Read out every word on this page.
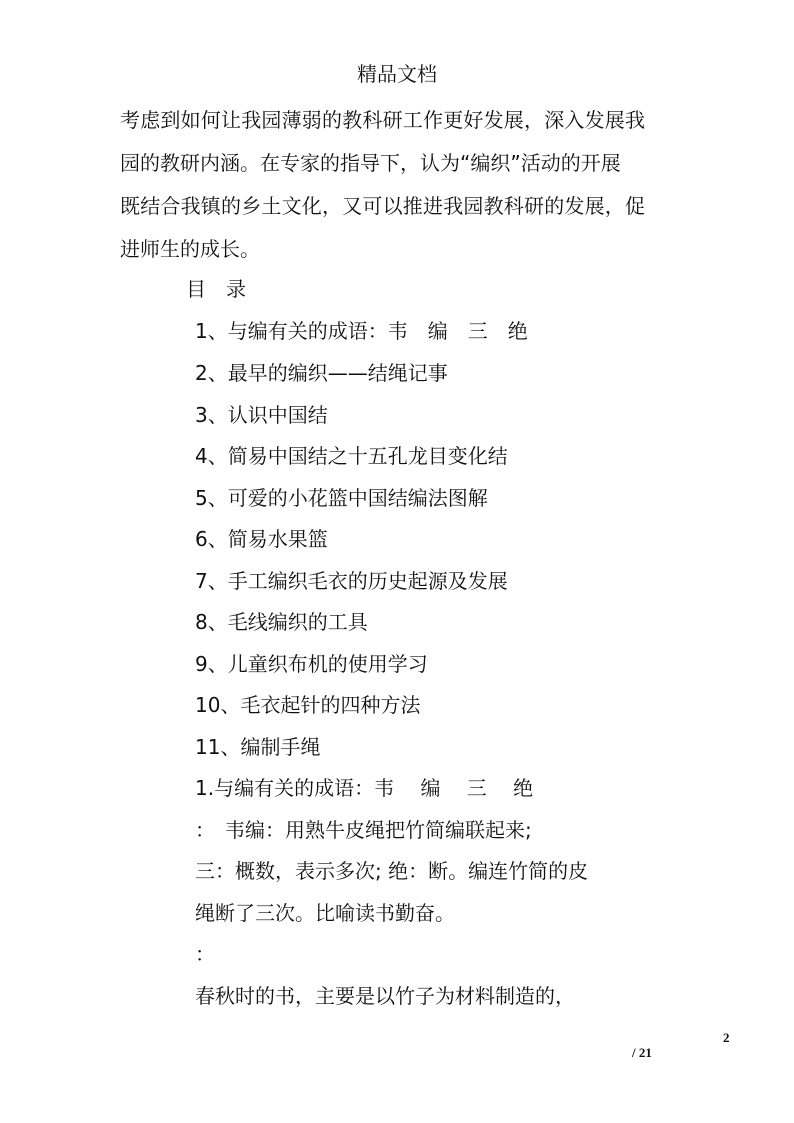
精品文档
考虑到如何让我园薄弱的教科研工作更好发展，深入发展我
园的教研内涵。在专家的指导下，认为“编织”活动的开展
既结合我镇的乡土文化，又可以推进我园教科研的发展，促
进师生的成长。
目　录
1、与编有关的成语：韦　编　三　绝
2、最早的编织——结绳记事
3、认识中国结
4、简易中国结之十五孔龙目变化结
5、可爱的小花篮中国结编法图解
6、简易水果篮
7、手工编织毛衣的历史起源及发展
8、毛线编织的工具
9、儿童织布机的使用学习
10、毛衣起针的四种方法
11、编制手绳
1.与编有关的成语：韦　 编　 三　 绝
：　韦编：用熟牛皮绳把竹简编联起来;
三：概数，表示多次; 绝：断。编连竹简的皮
绳断了三次。比喻读书勤奋。
：
春秋时的书，主要是以竹子为材料制造的，
2
/ 21
